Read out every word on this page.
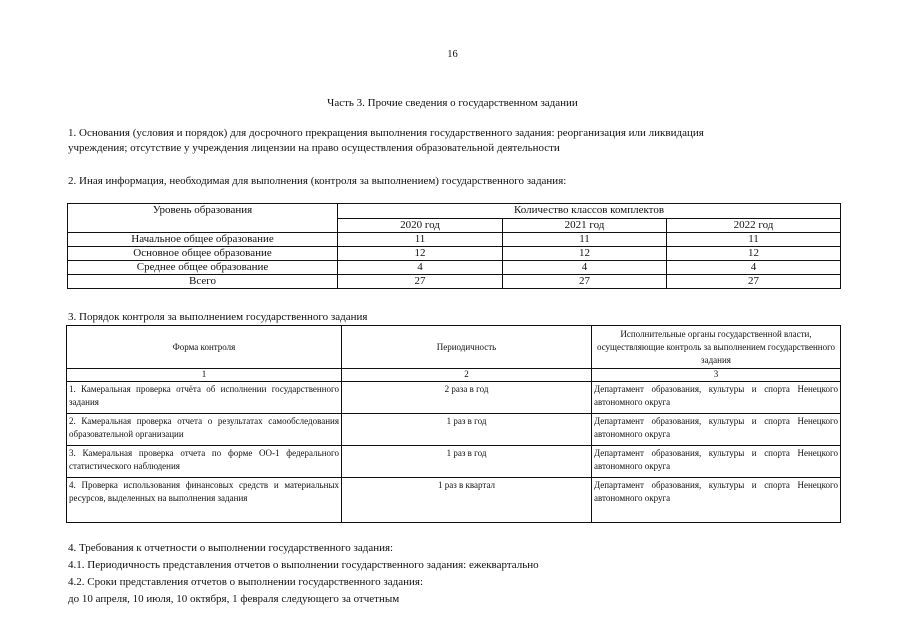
16
Часть 3. Прочие сведения о государственном задании
1. Основания (условия и порядок) для досрочного прекращения выполнения государственного задания: реорганизация или ликвидация
учреждения; отсутствие у учреждения лицензии на право осуществления образовательной деятельности
2. Иная информация, необходимая для выполнения (контроля за выполнением) государственного задания:
Уровень образования	Количество классов комплектов		
	2020 год	2021 год	2022 год
Начальное общее образование	11	11	11
Основное общее образование	12	12	12
Среднее общее образование	4	4	4
Всего	27	27	27
3. Порядок контроля за выполнением государственного задания
Форма контроля	Периодичность	Исполнительные органы государственной власти, осуществляющие контроль за выполнением государственного задания
1	2	3
1. Камеральная проверка отчёта об исполнении государственного задания	2 раза в год	Департамент образования, культуры и спорта Ненецкого автономного округа
2. Камеральная проверка отчета о результатах самообследования образовательной организации	1 раз в год	Департамент образования, культуры и спорта Ненецкого автономного округа
3. Камеральная проверка отчета по форме ОО-1 федерального статистического наблюдения	1 раз в год	Департамент образования, культуры и спорта Ненецкого автономного округа
4. Проверка использования финансовых средств и материальных ресурсов, выделенных на выполнения задания	1 раз в квартал	Департамент образования, культуры и спорта Ненецкого автономного округа
4. Требования к отчетности о выполнении государственного задания:
4.1. Периодичность представления отчетов о выполнении государственного задания: ежеквартально
4.2. Сроки представления отчетов о выполнении государственного задания:
до 10 апреля, 10 июля, 10 октября, 1 февраля следующего за отчетным
